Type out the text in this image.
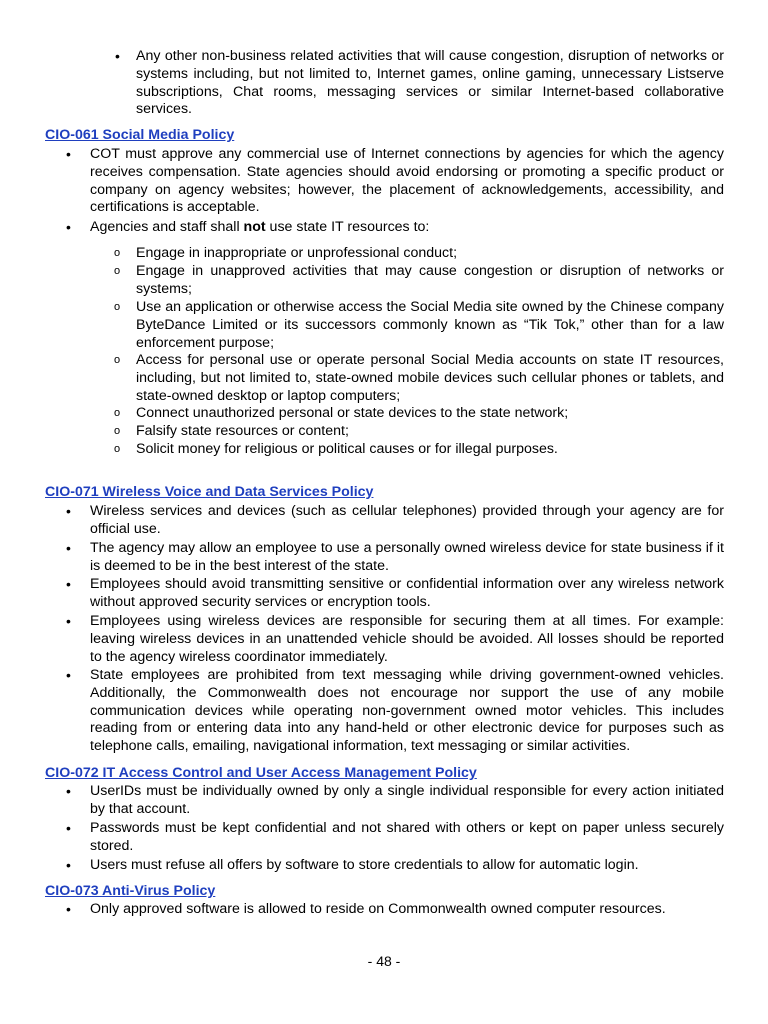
• Any other non-business related activities that will cause congestion, disruption of networks or systems including, but not limited to, Internet games, online gaming, unnecessary Listserve subscriptions, Chat rooms, messaging services or similar Internet-based collaborative services.

CIO-061 Social Media Policy
• COT must approve any commercial use of Internet connections by agencies for which the agency receives compensation. State agencies should avoid endorsing or promoting a specific product or company on agency websites; however, the placement of acknowledgements, accessibility, and certifications is acceptable.

• Agencies and staff shall not use state IT resources to:

o Engage in inappropriate or unprofessional conduct;

o Engage in unapproved activities that may cause congestion or disruption of networks or systems;

o Use an application or otherwise access the Social Media site owned by the Chinese company ByteDance Limited or its successors commonly known as “Tik Tok,” other than for a law enforcement purpose;

o Access for personal use or operate personal Social Media accounts on state IT resources, including, but not limited to, state-owned mobile devices such cellular phones or tablets, and state-owned desktop or laptop computers;

o Connect unauthorized personal or state devices to the state network;

o Falsify state resources or content;

o Solicit money for religious or political causes or for illegal purposes.

CIO-071 Wireless Voice and Data Services Policy
• Wireless services and devices (such as cellular telephones) provided through your agency are for official use.

• The agency may allow an employee to use a personally owned wireless device for state business if it is deemed to be in the best interest of the state.

• Employees should avoid transmitting sensitive or confidential information over any wireless network without approved security services or encryption tools.

• Employees using wireless devices are responsible for securing them at all times. For example: leaving wireless devices in an unattended vehicle should be avoided. All losses should be reported to the agency wireless coordinator immediately.

• State employees are prohibited from text messaging while driving government-owned vehicles. Additionally, the Commonwealth does not encourage nor support the use of any mobile communication devices while operating non-government owned motor vehicles. This includes reading from or entering data into any hand-held or other electronic device for purposes such as telephone calls, emailing, navigational information, text messaging or similar activities.

CIO-072 IT Access Control and User Access Management Policy
• UserIDs must be individually owned by only a single individual responsible for every action initiated by that account.

• Passwords must be kept confidential and not shared with others or kept on paper unless securely stored.

• Users must refuse all offers by software to store credentials to allow for automatic login.

CIO-073 Anti-Virus Policy
• Only approved software is allowed to reside on Commonwealth owned computer resources.

- 48 -
